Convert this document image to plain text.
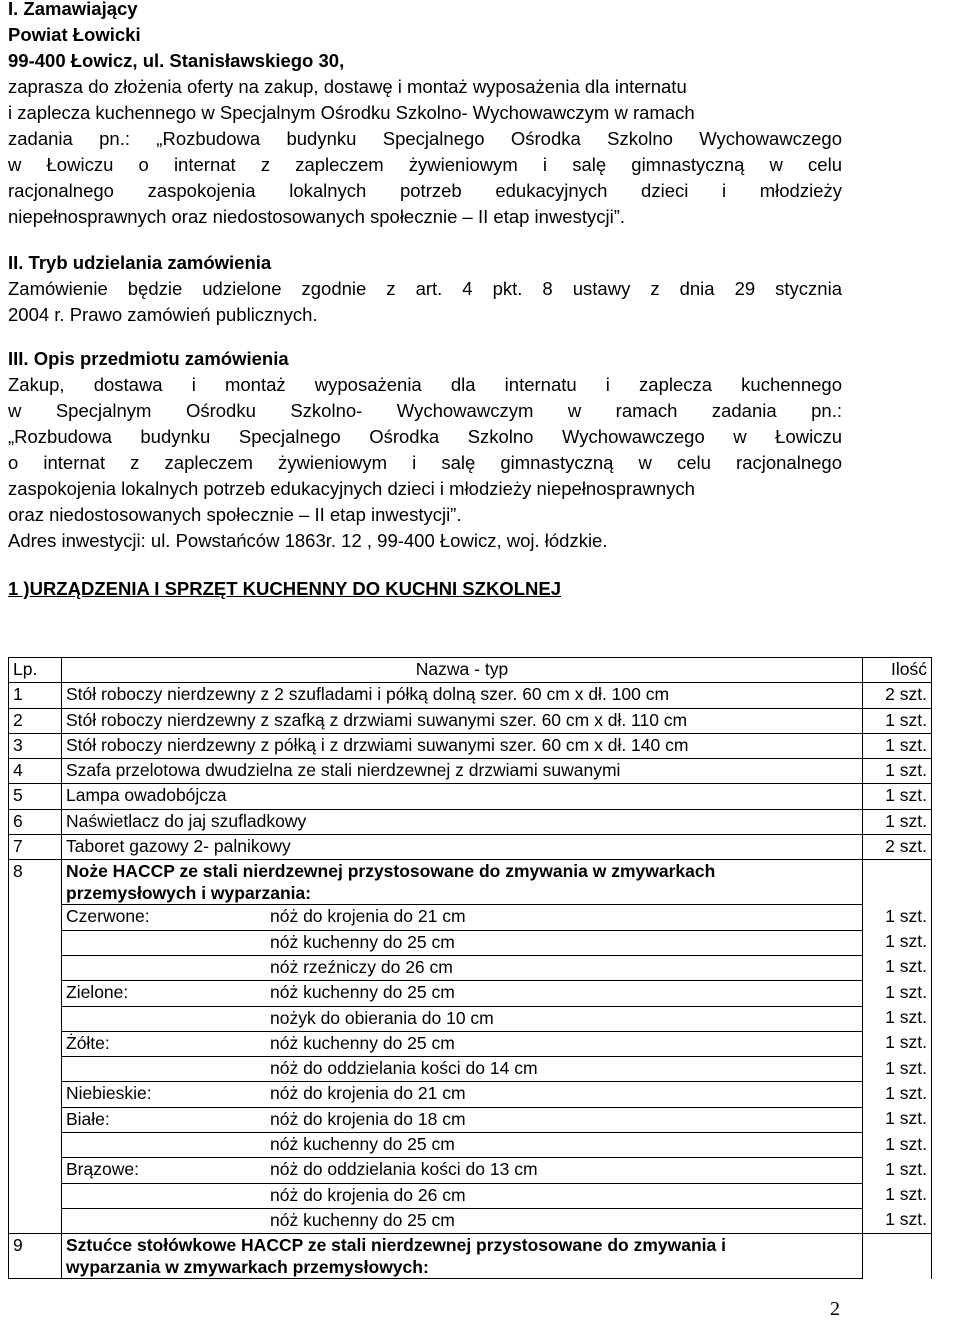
I. Zamawiający
Powiat Łowicki
99-400 Łowicz, ul. Stanisławskiego 30,
zaprasza do złożenia oferty na zakup, dostawę i montaż wyposażenia dla internatu
i zaplecza kuchennego w Specjalnym Ośrodku Szkolno- Wychowawczym w ramach
zadania pn.: „Rozbudowa budynku Specjalnego Ośrodka Szkolno Wychowawczego
w Łowiczu o internat z zapleczem żywieniowym i salę gimnastyczną w celu
racjonalnego zaspokojenia lokalnych potrzeb edukacyjnych dzieci i młodzieży
niepełnosprawnych oraz niedostosowanych społecznie – II etap inwestycji”.
II. Tryb udzielania zamówienia
Zamówienie będzie udzielone zgodnie z art. 4 pkt. 8 ustawy z dnia 29 stycznia
2004 r. Prawo zamówień publicznych.
III. Opis przedmiotu zamówienia
Zakup, dostawa i montaż wyposażenia dla internatu i zaplecza kuchennego
w Specjalnym Ośrodku Szkolno- Wychowawczym w ramach zadania pn.:
„Rozbudowa budynku Specjalnego Ośrodka Szkolno Wychowawczego w Łowiczu
o internat z zapleczem żywieniowym i salę gimnastyczną w celu racjonalnego
zaspokojenia lokalnych potrzeb edukacyjnych dzieci i młodzieży niepełnosprawnych
oraz niedostosowanych społecznie – II etap inwestycji”.
Adres inwestycji: ul. Powstańców 1863r. 12 , 99-400 Łowicz, woj. łódzkie.
1 )URZĄDZENIA I SPRZĘT KUCHENNY DO KUCHNI SZKOLNEJ
Lp.	Nazwa - typ		Ilość
1	Stół roboczy nierdzewny z 2 szufladami i półką dolną szer. 60 cm x dł. 100 cm		2 szt.
2	Stół roboczy nierdzewny z szafką z drzwiami suwanymi szer. 60 cm x dł. 110 cm		1 szt.
3	Stół roboczy nierdzewny z półką i z drzwiami suwanymi szer. 60 cm x dł. 140 cm		1 szt.
4	Szafa przelotowa dwudzielna ze stali nierdzewnej z drzwiami suwanymi		1 szt.
5	Lampa owadobójcza		1 szt.
6	Naświetlacz do jaj szufladkowy		1 szt.
7	Taboret gazowy 2- palnikowy		2 szt.
8	Noże HACCP ze stali nierdzewnej przystosowane do zmywania w zmywarkach
przemysłowych i wyparzania:		

	Czerwone:	nóż do krojenia do 21 cm	1 szt.
		nóż kuchenny do 25 cm	1 szt.
		nóż rzeźniczy do 26 cm	1 szt.
	Zielone:	nóż kuchenny do 25 cm	1 szt.
		nożyk do obierania do 10 cm	1 szt.
	Żółte:	nóż kuchenny do 25 cm	1 szt.
		nóż do oddzielania kości do 14 cm	1 szt.
	Niebieskie:	nóż do krojenia do 21 cm	1 szt.
	Białe:	nóż do krojenia do 18 cm	1 szt.
		nóż kuchenny do 25 cm	1 szt.
	Brązowe:	nóż do oddzielania kości do 13 cm	1 szt.
		nóż do krojenia do 26 cm	1 szt.
		nóż kuchenny do 25 cm	1 szt.
9	Sztućce stołówkowe HACCP ze stali nierdzewnej przystosowane do zmywania i
wyparzania w zmywarkach przemysłowych:		

2
